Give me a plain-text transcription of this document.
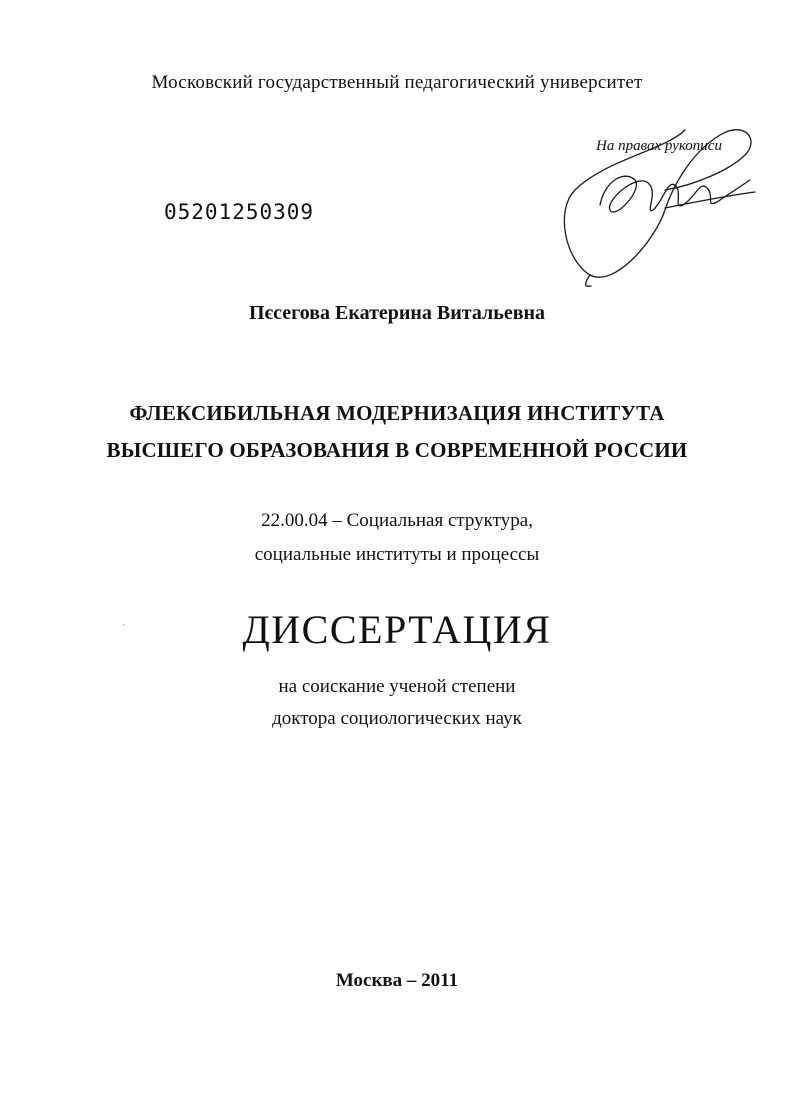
Московский государственный педагогический университет
На правах рукописи
05201250309
Пєсегова Екатерина Витальевна
ФЛЕКСИБИЛЬНАЯ МОДЕРНИЗАЦИЯ ИНСТИТУТА
ВЫСШЕГО ОБРАЗОВАНИЯ В СОВРЕМЕННОЙ РОССИИ
22.00.04 – Социальная структура,
социальные институты и процессы
ˊ	ДИССЕРТАЦИЯ
на соискание ученой степени
доктора социологических наук
Москва – 2011
